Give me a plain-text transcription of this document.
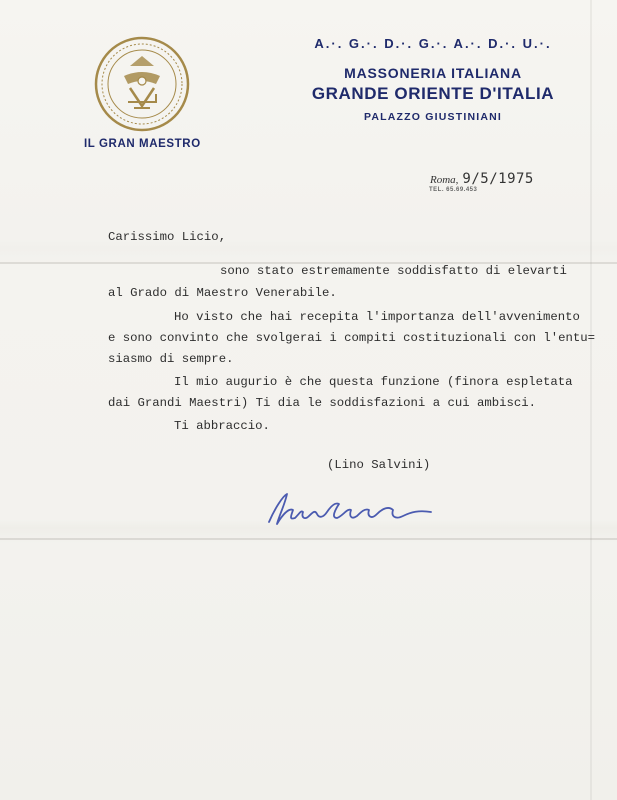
IL GRAN MAESTRO
A.·. G.·. D.·. G.·. A.·. D.·. U.·.
MASSONERIA ITALIANA
GRANDE ORIENTE D'ITALIA
PALAZZO GIUSTINIANI
Roma, 9/5/1975
TEL. 65.69.453
Carissimo Licio,
sono stato estremamente soddisfatto di elevarti
al Grado di Maestro Venerabile.
Ho visto che hai recepita l'importanza dell'avvenimento
e sono convinto che svolgerai i compiti costituzionali con l'entu=
siasmo di sempre.
Il mio augurio è che questa funzione (finora espletata
dai Grandi Maestri) Ti dia le soddisfazioni a cui ambisci.
Ti abbraccio.
(Lino Salvini)
